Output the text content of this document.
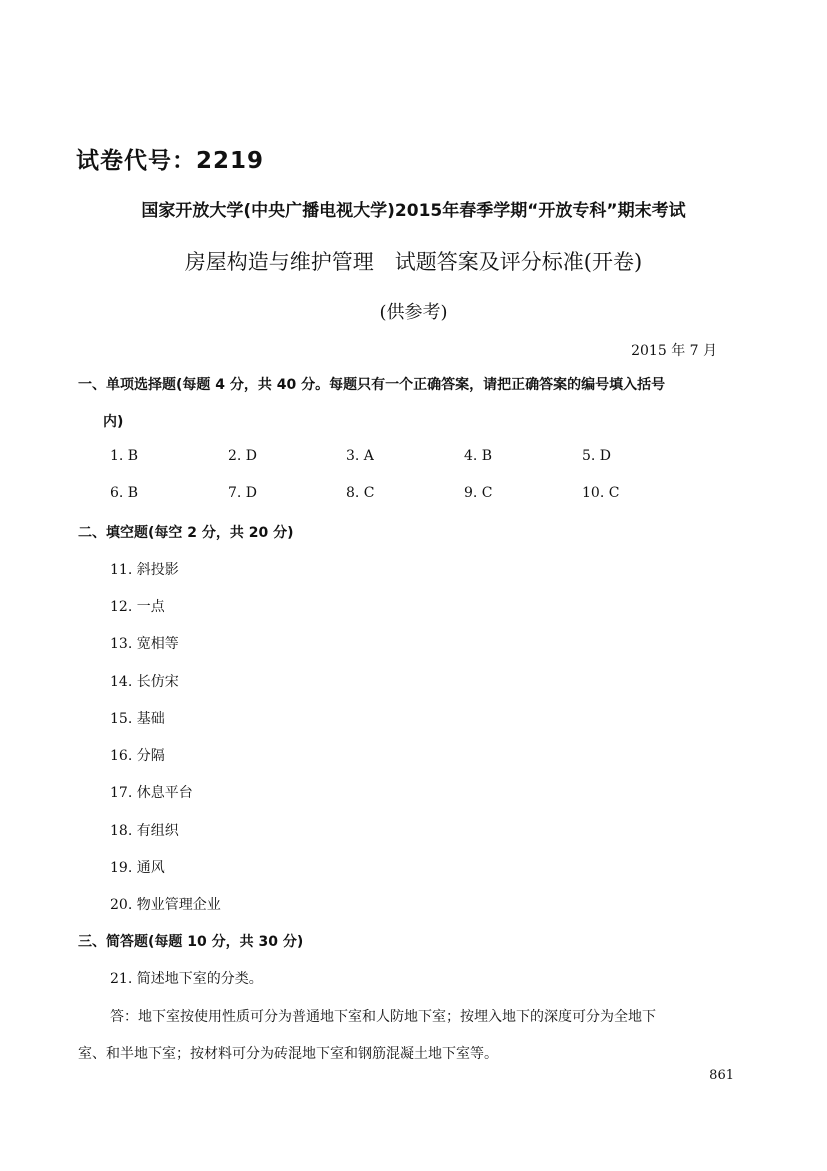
试卷代号：2219
国家开放大学(中央广播电视大学)2015年春季学期“开放专科”期末考试
房屋构造与维护管理　试题答案及评分标准(开卷)
(供参考)
2015 年 7 月
一、单项选择题(每题 4 分，共 40 分。每题只有一个正确答案，请把正确答案的编号填入括号
内)
1. B	2. D	3. A	4. B	5. D
6. B	7. D	8. C	9. C	10. C
二、填空题(每空 2 分，共 20 分)
11. 斜投影
12. 一点
13. 宽相等
14. 长仿宋
15. 基础
16. 分隔
17. 休息平台
18. 有组织
19. 通风
20. 物业管理企业
三、简答题(每题 10 分，共 30 分)
21. 简述地下室的分类。
答：地下室按使用性质可分为普通地下室和人防地下室；按埋入地下的深度可分为全地下
室、和半地下室；按材料可分为砖混地下室和钢筋混凝土地下室等。
861
